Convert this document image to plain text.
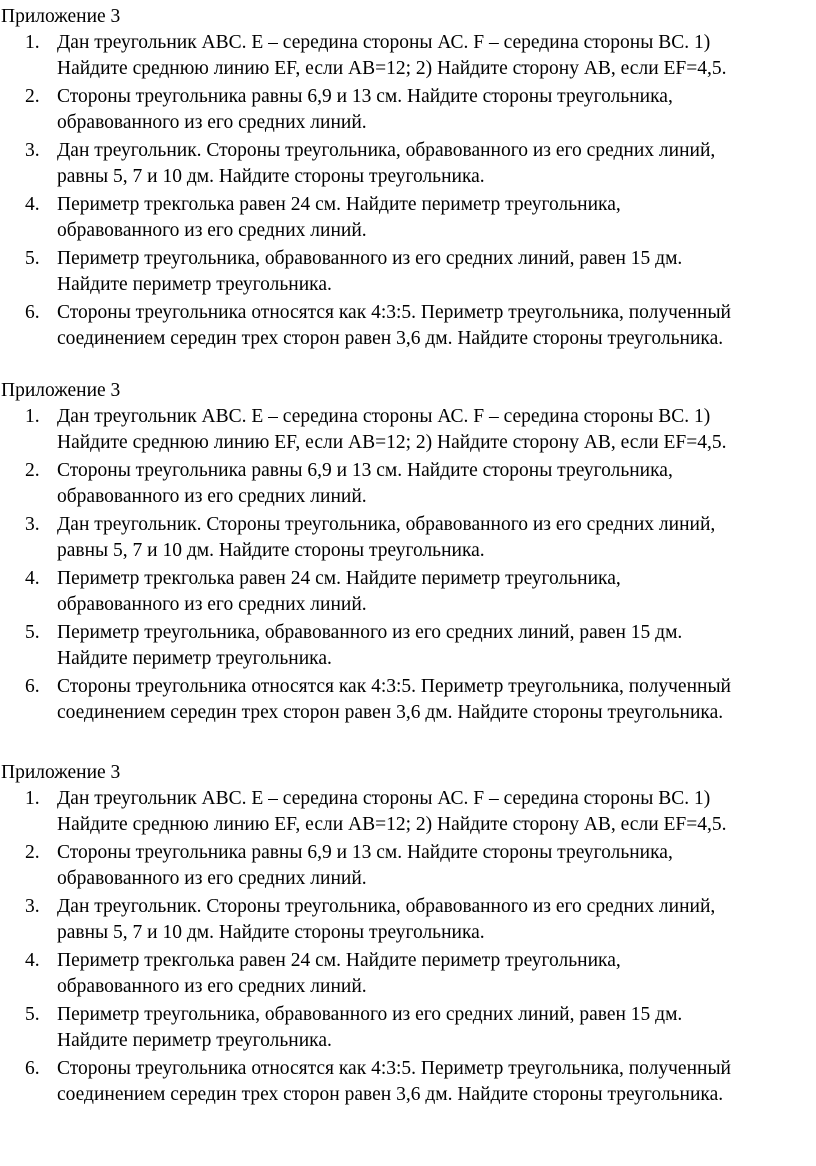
Приложение 3
1. Дан треугольник АВС. Е – середина стороны АС. F – середина стороны ВС. 1)
Найдите среднюю линию EF, если АВ=12; 2) Найдите сторону АВ, если EF=4,5.
2. Стороны треугольника равны 6,9 и 13 см. Найдите стороны треугольника,
обравованного из его средних линий.
3. Дан треугольник. Стороны треугольника, обравованного из его средних линий,
равны 5, 7 и 10 дм. Найдите стороны треугольника.
4. Периметр трекголька равен 24 см. Найдите периметр треугольника,
обравованного из его средних линий.
5. Периметр треугольника, обравованного из его средних линий, равен 15 дм.
Найдите периметр треугольника.
6. Стороны треугольника относятся как 4:3:5. Периметр треугольника, полученный
соединением середин трех сторон равен 3,6 дм. Найдите стороны треугольника.
Приложение 3
1. Дан треугольник АВС. Е – середина стороны АС. F – середина стороны ВС. 1)
Найдите среднюю линию EF, если АВ=12; 2) Найдите сторону АВ, если EF=4,5.
2. Стороны треугольника равны 6,9 и 13 см. Найдите стороны треугольника,
обравованного из его средних линий.
3. Дан треугольник. Стороны треугольника, обравованного из его средних линий,
равны 5, 7 и 10 дм. Найдите стороны треугольника.
4. Периметр трекголька равен 24 см. Найдите периметр треугольника,
обравованного из его средних линий.
5. Периметр треугольника, обравованного из его средних линий, равен 15 дм.
Найдите периметр треугольника.
6. Стороны треугольника относятся как 4:3:5. Периметр треугольника, полученный
соединением середин трех сторон равен 3,6 дм. Найдите стороны треугольника.
Приложение 3
1. Дан треугольник АВС. Е – середина стороны АС. F – середина стороны ВС. 1)
Найдите среднюю линию EF, если АВ=12; 2) Найдите сторону АВ, если EF=4,5.
2. Стороны треугольника равны 6,9 и 13 см. Найдите стороны треугольника,
обравованного из его средних линий.
3. Дан треугольник. Стороны треугольника, обравованного из его средних линий,
равны 5, 7 и 10 дм. Найдите стороны треугольника.
4. Периметр трекголька равен 24 см. Найдите периметр треугольника,
обравованного из его средних линий.
5. Периметр треугольника, обравованного из его средних линий, равен 15 дм.
Найдите периметр треугольника.
6. Стороны треугольника относятся как 4:3:5. Периметр треугольника, полученный
соединением середин трех сторон равен 3,6 дм. Найдите стороны треугольника.
